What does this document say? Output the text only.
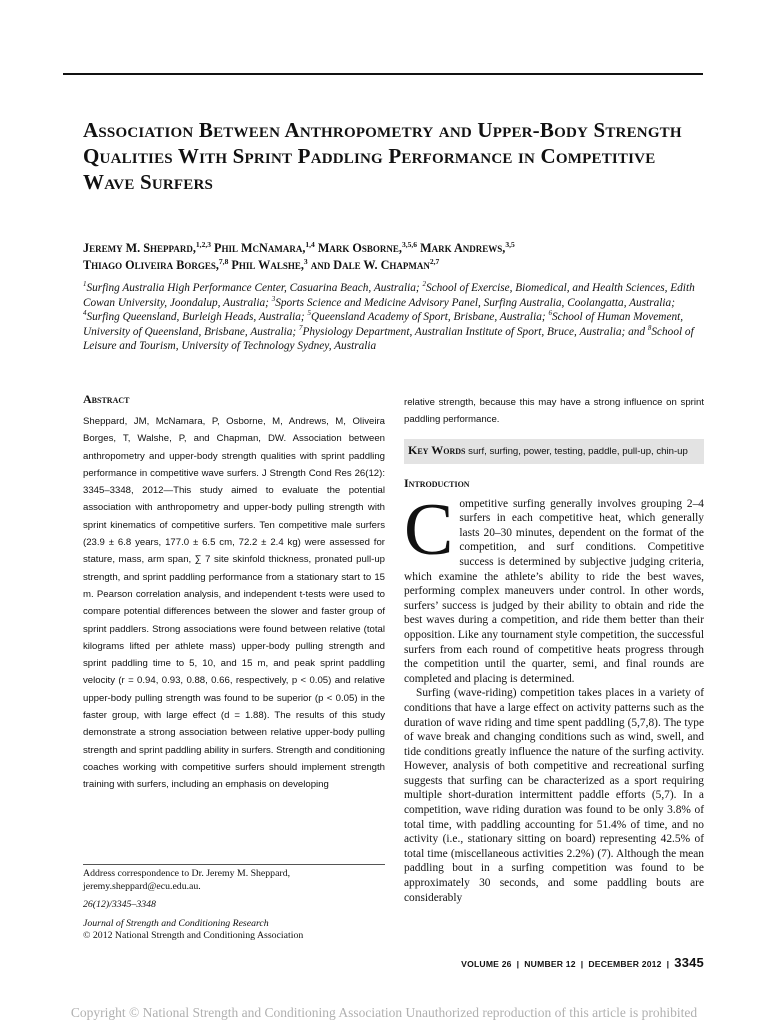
Association Between Anthropometry and Upper-Body Strength Qualities With Sprint Paddling Performance in Competitive Wave Surfers
Jeremy M. Sheppard,$^{1,2,3}$ Phil McNamara,$^{1,4}$ Mark Osborne,$^{3,5,6}$ Mark Andrews,$^{3,5}$
Thiago Oliveira Borges,$^{7,8}$ Phil Walshe,$^3$ and Dale W. Chapman$^{2,7}$
$^1$Surfing Australia High Performance Center, Casuarina Beach, Australia; $^2$School of Exercise, Biomedical, and Health Sciences, Edith Cowan University, Joondalup, Australia; $^3$Sports Science and Medicine Advisory Panel, Surfing Australia, Coolangatta, Australia; $^4$Surfing Queensland, Burleigh Heads, Australia; $^5$Queensland Academy of Sport, Brisbane, Australia; $^6$School of Human Movement, University of Queensland, Brisbane, Australia; $^7$Physiology Department, Australian Institute of Sport, Bruce, Australia; and $^8$School of Leisure and Tourism, University of Technology Sydney, Australia
Abstract

Sheppard, JM, McNamara, P, Osborne, M, Andrews, M, Oliveira Borges, T, Walshe, P, and Chapman, DW. Association between anthropometry and upper-body strength qualities with sprint paddling performance in competitive wave surfers. J Strength Cond Res 26(12): 3345–3348, 2012—This study aimed to evaluate the potential association with anthropometry and upper-body pulling strength with sprint kinematics of competitive surfers. Ten competitive male surfers (23.9 ± 6.8 years, 177.0 ± 6.5 cm, 72.2 ± 2.4 kg) were assessed for stature, mass, arm span, ∑ 7 site skinfold thickness, pronated pull-up strength, and sprint paddling performance from a stationary start to 15 m. Pearson correlation analysis, and independent t-tests were used to compare potential differences between the slower and faster group of sprint paddlers. Strong associations were found between relative (total kilograms lifted per athlete mass) upper-body pulling strength and sprint paddling time to 5, 10, and 15 m, and peak sprint paddling velocity (r = 0.94, 0.93, 0.88, 0.66, respectively, p < 0.05) and relative upper-body pulling strength was found to be superior (p < 0.05) in the faster group, with large effect (d = 1.88). The results of this study demonstrate a strong association between relative upper-body pulling strength and sprint paddling ability in surfers. Strength and conditioning coaches working with competitive surfers should implement strength training with surfers, including an emphasis on developing

relative strength, because this may have a strong influence on sprint paddling performance.

Key Words surf, surfing, power, testing, paddle, pull-up, chin-up
Introduction

Competitive surfing generally involves grouping 2–4 surfers in each competitive heat, which generally lasts 20–30 minutes, dependent on the format of the competition, and surf conditions. Competitive success is determined by subjective judging criteria, which examine the athlete’s ability to ride the best waves, performing complex maneuvers under control. In other words, surfers’ success is judged by their ability to obtain and ride the best waves during a competition, and ride them better than their opposition. Like any tournament style competition, the successful surfers from each round of competitive heats progress through the competition until the quarter, semi, and final rounds are completed and placing is determined.

Surfing (wave-riding) competition takes places in a variety of conditions that have a large effect on activity patterns such as the duration of wave riding and time spent paddling (5,7,8). The type of wave break and changing conditions such as wind, swell, and tide conditions greatly influence the nature of the surfing activity. However, analysis of both competitive and recreational surfing suggests that surfing can be characterized as a sport requiring multiple short-duration intermittent paddle efforts (5,7). In a competition, wave riding duration was found to be only 3.8% of total time, with paddling accounting for 51.4% of time, and no activity (i.e., stationary sitting on board) representing 42.5% of total time (miscellaneous activities 2.2%) (7). Although the mean paddling bout in a surfing competition was found to be approximately 30 seconds, and some paddling bouts are considerably

Address correspondence to Dr. Jeremy M. Sheppard, jeremy.sheppard@ecu.edu.au.

26(12)/3345–3348

Journal of Strength and Conditioning Research
© 2012 National Strength and Conditioning Association

VOLUME 26 | NUMBER 12 | DECEMBER 2012 | 3345
Copyright © National Strength and Conditioning Association Unauthorized reproduction of this article is prohibited
